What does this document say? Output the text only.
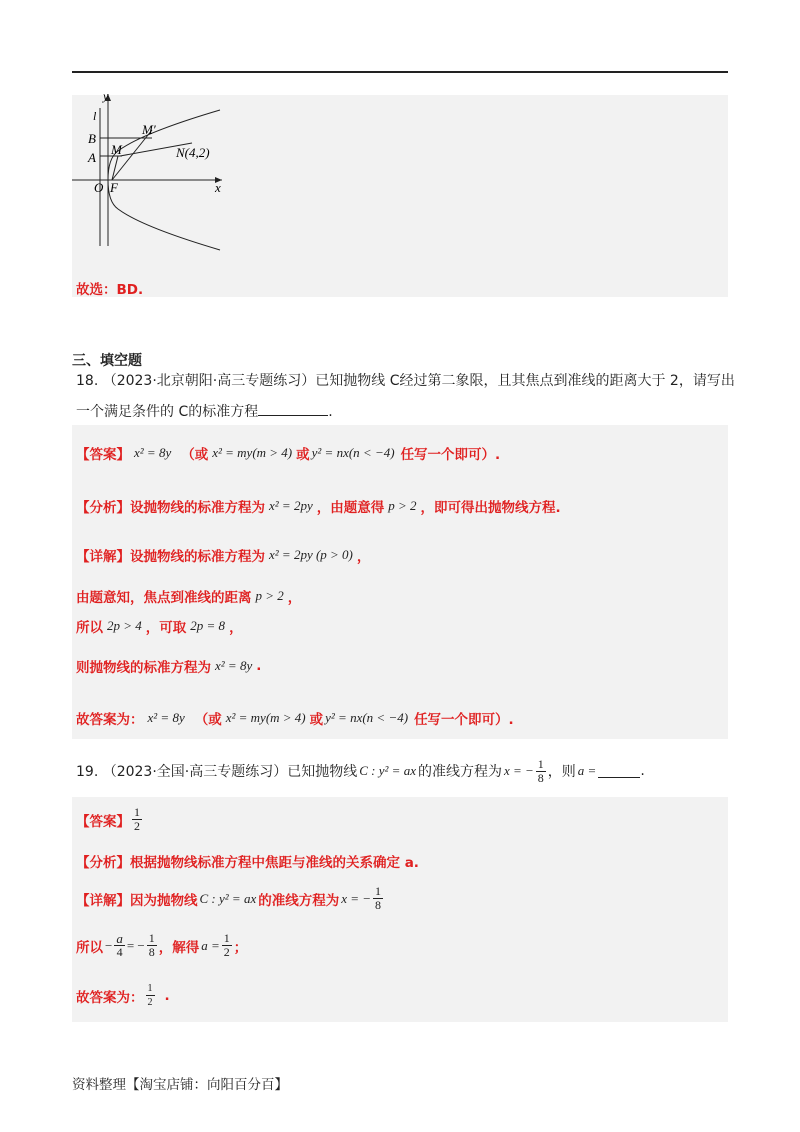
y
l
B
A
M
M′
N(4,2)
O F	x
故选：BD.
三、填空题
18. （2023·北京朝阳·高三专题练习）已知抛物线 C经过第二象限，且其焦点到准线的距离大于 2，请写出
一个满足条件的 C的标准方程	.
【答案】 x² = 8y （或 x² = my(m > 4) 或 y² = nx(n < −4) 任写一个即可）.
【分析】 设抛物线的标准方程为 x² = 2py ，由题意得 p > 2 ，即可得出抛物线方程.
【详解】 设抛物线的标准方程为 x² = 2py (p > 0) ，
由题意知，焦点到准线的距离 p > 2 ，
所以 2p > 4 ，可取 2p = 8 ，
则抛物线的标准方程为 x² = 8y .
故答案为： x² = 8y （或 x² = my(m > 4) 或 y² = nx(n < −4) 任写一个即可）.
19. （2023·全国·高三专题练习）已知抛物线 C : y² = ax 的准线方程为 x = − $\frac{1}{8}$ ，则 a =	.
【答案】 $\frac{1}{2}$
【分析】 根据抛物线标准方程中焦距与准线的关系确定 a.
【详解】 因为抛物线 C : y² = ax 的准线方程为 x = − $\frac{1}{8}$
所以 − $\frac{a}{4}$ = − $\frac{1}{8}$ ，解得 $a = \frac{1}{2}$ ；
故答案为： $\frac{1}{2}$ .
资料整理【淘宝店铺：向阳百分百】
